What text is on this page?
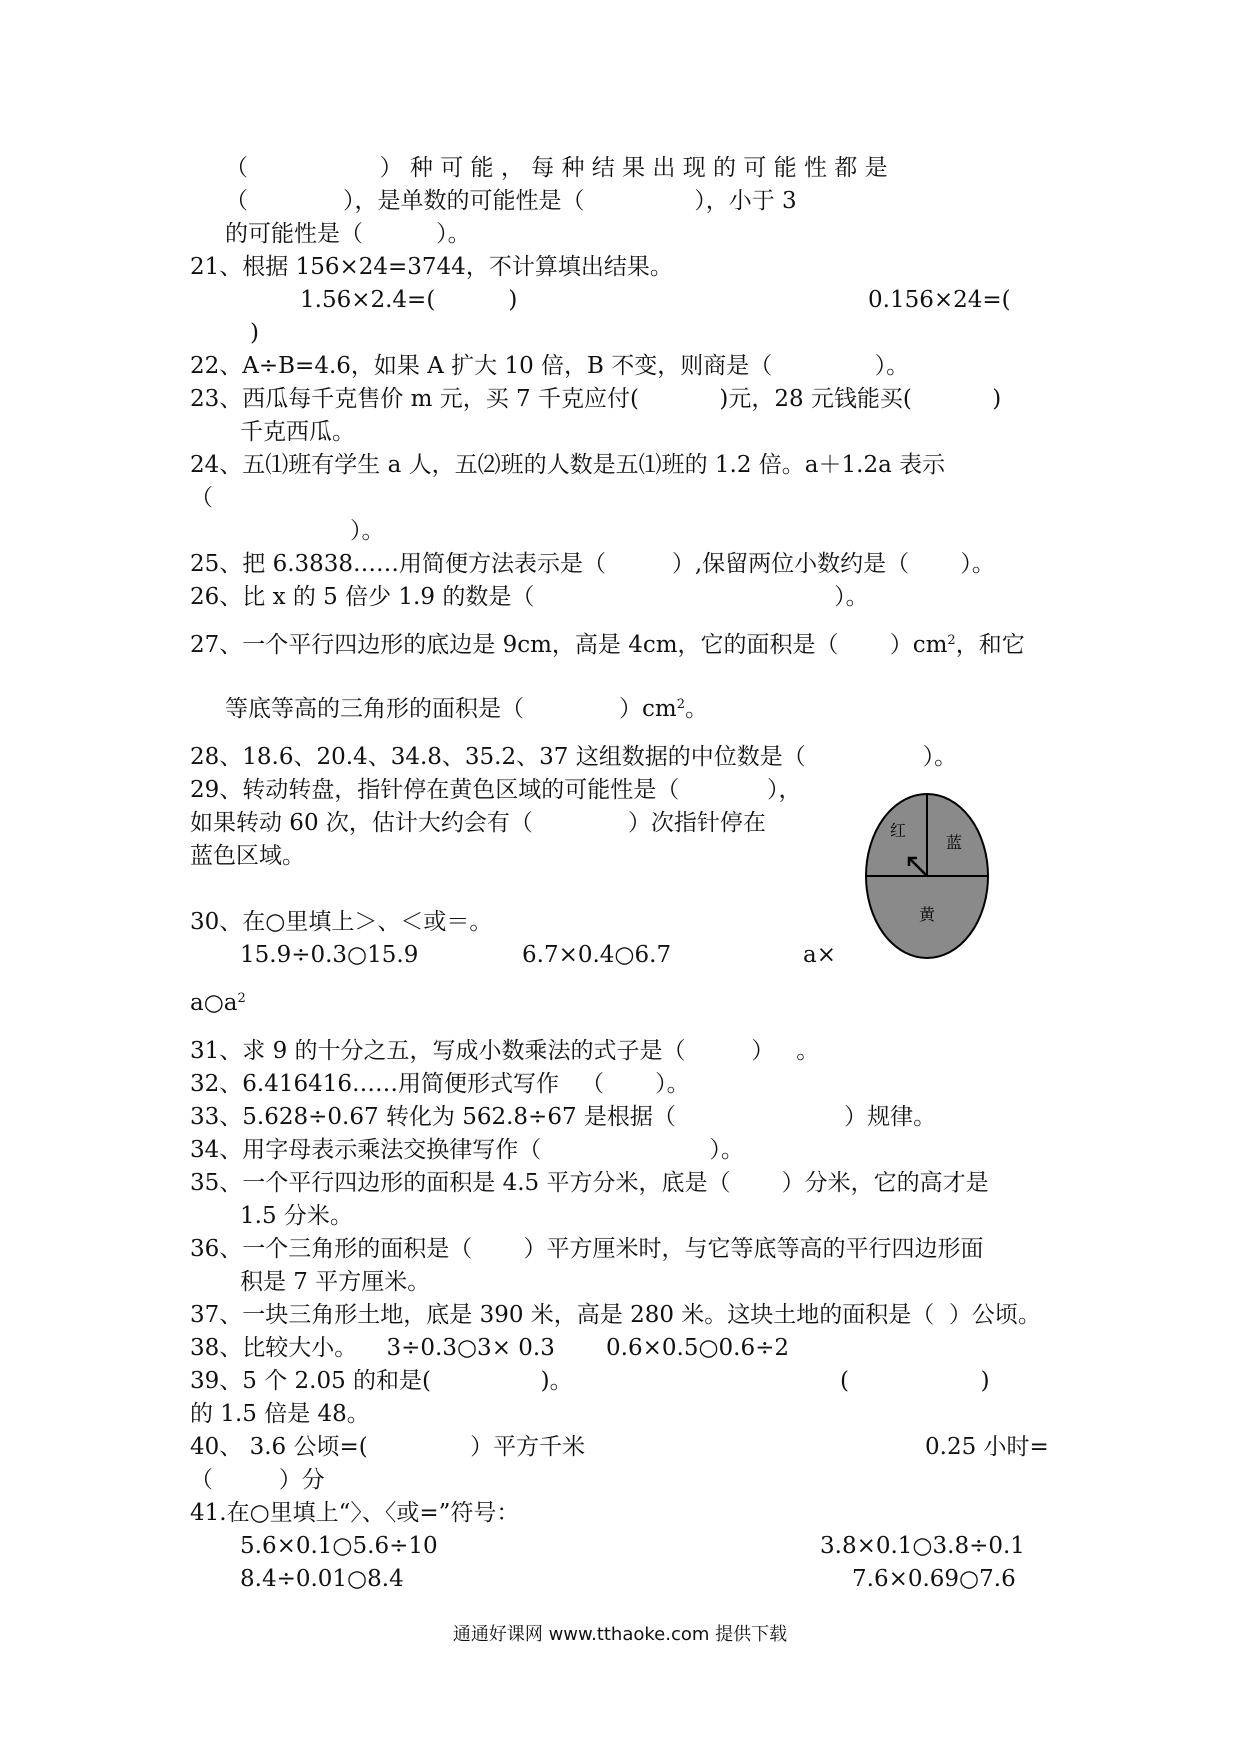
（                  ） 种 可 能 ， 每 种 结 果 出 现 的 可 能 性 都 是
（             ），是单数的可能性是（               ），小于 3
的可能性是（          ）。
21、根据 156×24=3744，不计算填出结果。
1.56×2.4=(          )	0.156×24=(
)
22、A÷B=4.6，如果 A 扩大 10 倍，B 不变，则商是（              ）。
23、西瓜每千克售价 m 元，买 7 千克应付(           )元，28 元钱能买(           )
千克西瓜。
24、五⑴班有学生 a 人，五⑵班的人数是五⑴班的 1.2 倍。a＋1.2a 表示
（
）。
25、把 6.3838……用简便方法表示是（         ）,保留两位小数约是（       ）。
26、比 x 的 5 倍少 1.9 的数是（                                         ）。
27、一个平行四边形的底边是 9cm，高是 4cm，它的面积是（       ）$cm^2$，和它
等底等高的三角形的面积是（             ）$cm^2$。
28、18.6、20.4、34.8、35.2、37 这组数据的中位数是（                ）。
29、转动转盘，指针停在黄色区域的可能性是（            ），
如果转动 60 次，估计大约会有（             ）次指针停在
蓝色区域。
30、在○里填上＞、＜或＝。
15.9÷0.3○15.9	6.7×0.4○6.7	a×
$a○a^2$
31、求 9 的十分之五，写成小数乘法的式子是（         ）   。
32、6.416416……用简便形式写作   （       ）。
33、5.628÷0.67 转化为 562.8÷67 是根据（                       ）规律。
34、用字母表示乘法交换律写作（                       ）。
35、一个平行四边形的面积是 4.5 平方分米，底是（       ）分米，它的高才是
1.5 分米。
36、一个三角形的面积是（       ）平方厘米时，与它等底等高的平行四边形面
积是 7 平方厘米。
37、一块三角形土地，底是 390 米，高是 280 米。这块土地的面积是（  ）公顷。
38、比较大小。    3÷0.3○3× 0.3       0.6×0.5○0.6÷2
39、5 个 2.05 的和是(               )。	(                  )
的 1.5 倍是 48。
40、 3.6 公顷=(              ）平方千米	0.25 小时=
（         ）分
41.在○里填上“〉、〈或=”符号：
5.6×0.1○5.6÷10	3.8×0.1○3.8÷0.1
8.4÷0.01○8.4	7.6×0.69○7.6
红
蓝
黄
通通好课网 www.tthaoke.com 提供下载
